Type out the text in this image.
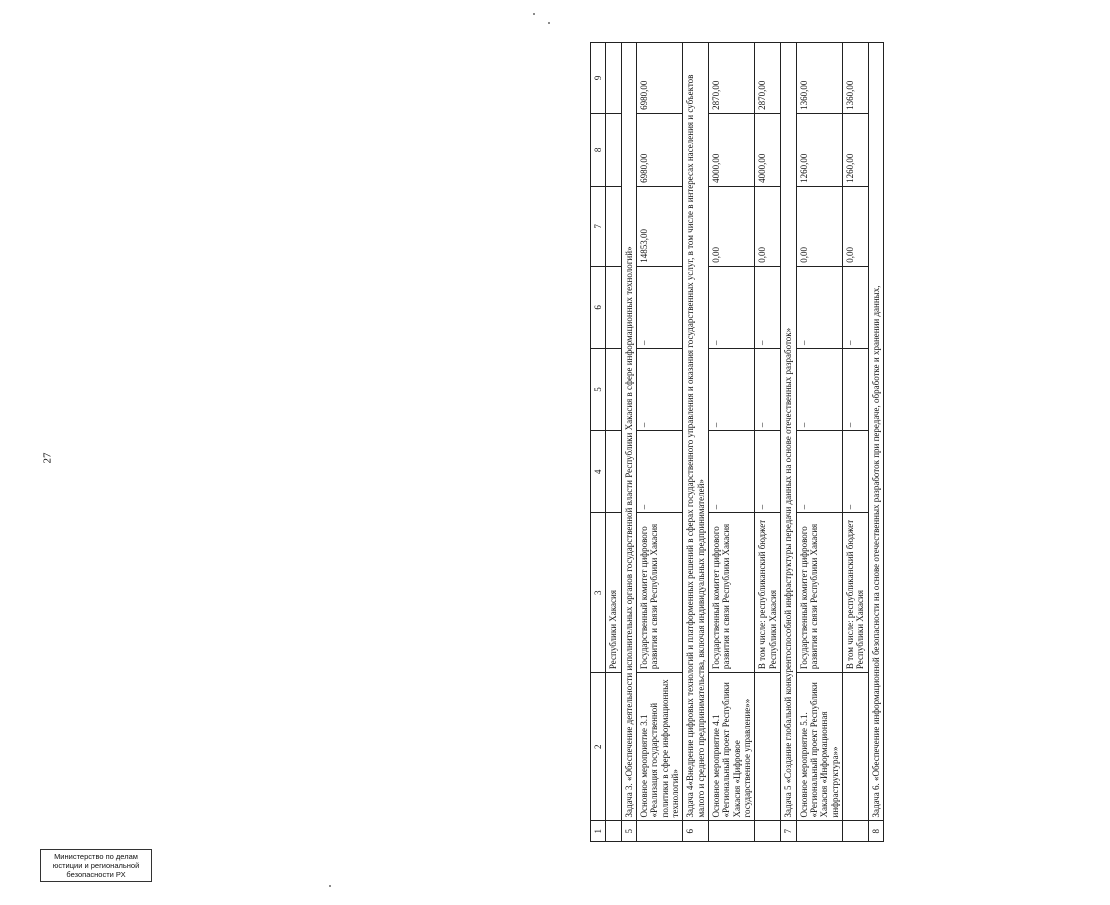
27
1	2	3	4	5	6	7	8	9
		Республики Хакасия						
5	Задача 3. «Обеспечение деятельности исполнительных органов государственной власти Республики Хакасия в сфере информационных технологий»							
	Основное мероприятие 3.1 «Реализация государственной политики в сфере информационных технологий»	Государственный комитет цифрового развития и связи Республики Хакасия	–	–	–	14853,00	6980,00	6980,00
6	Задача 4«Внедрение цифровых технологий и платформенных решений в сферах государственного управления и оказания государственных услуг, в том числе в интересах населения и субъектов малого и среднего предпринимательства, включая индивидуальных предпринимателей»							
	Основное мероприятие 4.1 «Региональный проект Республики Хакасия «Цифровое государственное управление»»	Государственный комитет цифрового развития и связи Республики Хакасия	–	–	–	0,00	4000,00	2870,00
		В том числе: республиканский бюджет Республики Хакасия	–	–	–	0,00	4000,00	2870,00
7	Задача 5 «Создание глобальной конкурентоспособной инфраструктуры передачи данных на основе отечественных разработок»							
	Основное мероприятие 5.1. «Региональный проект Республики Хакасия «Информационная инфраструктура»»	Государственный комитет цифрового развития и связи Республики Хакасия	–	–	–	0,00	1260,00	1360,00
		В том числе: республиканский бюджет Республики Хакасия	–	–	–	0,00	1260,00	1360,00
8	Задача 6. «Обеспечение информационной безопасности на основе отечественных разработок при передаче, обработке и хранении данных,							
Министерство по делам
юстиции и региональной
безопасности РХ
